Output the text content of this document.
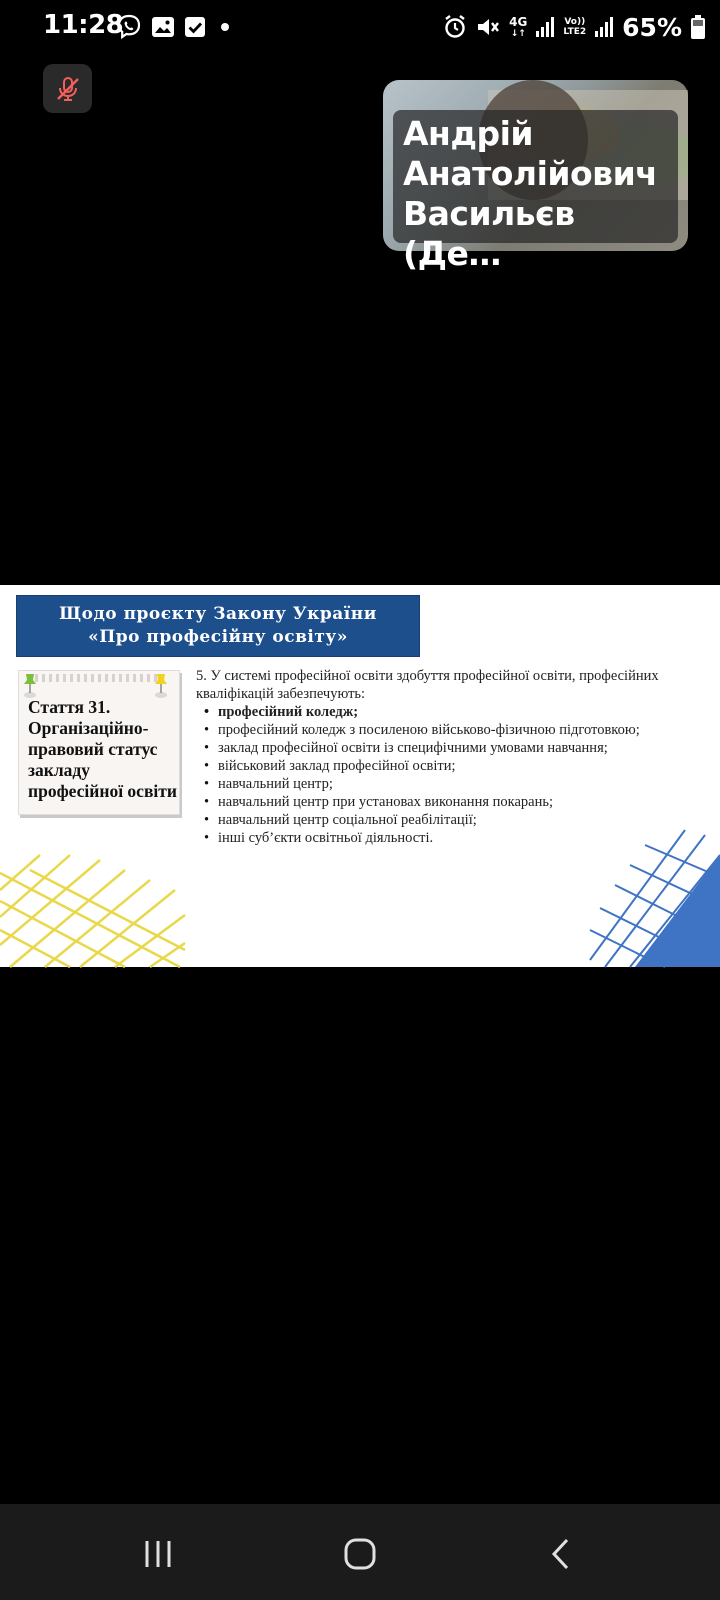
11:28	4G
↓↑
Vo))
LTE2 65%
Андрій
Анатолійович
Васильєв (Де…
Щодо проєкту Закону України
«Про професійну освіту»
Стаття 31. Організаційно-правовий статус закладу професійної освіти
5. У системі професійної освіти здобуття професійної освіти, професійних кваліфікацій забезпечують:
• професійний коледж;
• професійний коледж з посиленою військово-фізичною підготовкою;
• заклад професійної освіти із специфічними умовами навчання;
• військовий заклад професійної освіти;
• навчальний центр;
• навчальний центр при установах виконання покарань;
• навчальний центр соціальної реабілітації;
• інші суб’єкти освітньої діяльності.
